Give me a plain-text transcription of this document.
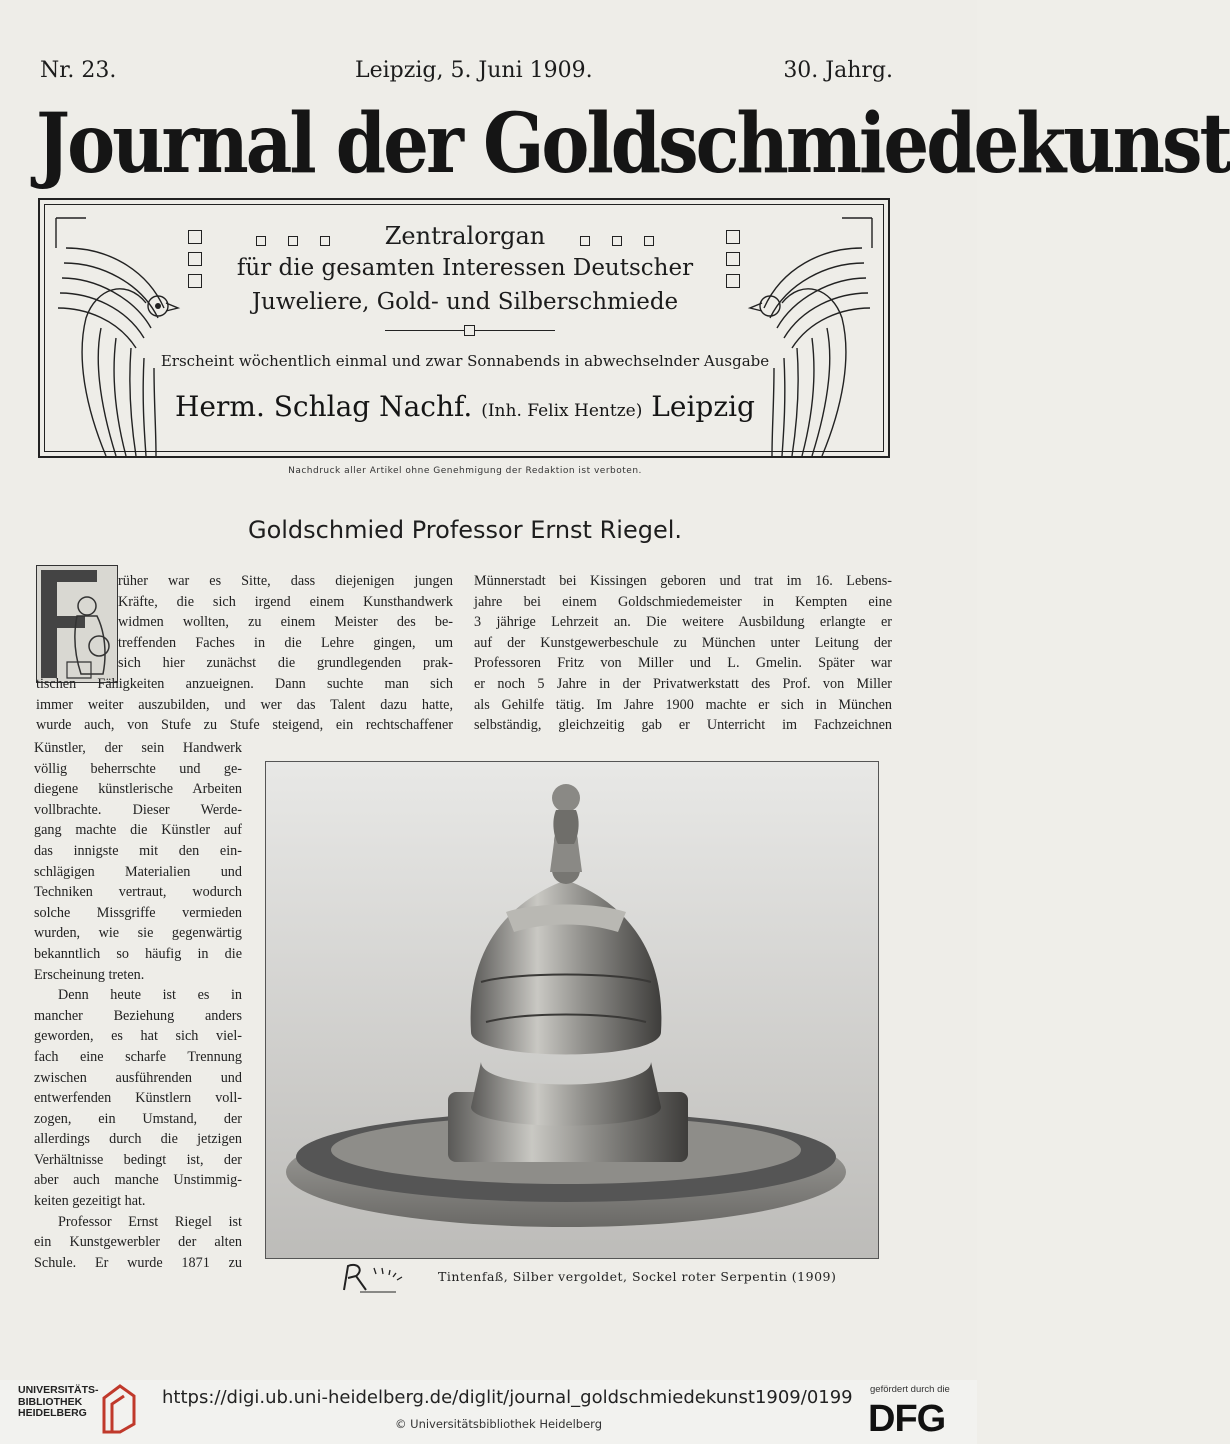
Nr. 23.	Leipzig, 5. Juni 1909.	30. Jahrg.
Journal der Goldschmiedekunst
Zentralorgan
für die gesamten Interessen Deutscher
Juweliere, Gold- und Silberschmiede
Erscheint wöchentlich einmal und zwar Sonnabends in abwechselnder Ausgabe
Herm. Schlag Nachf. (Inh. Felix Hentze) Leipzig
Nachdruck aller Artikel ohne Genehmigung der Redaktion ist verboten.
Goldschmied Professor Ernst Riegel.
rüher war es Sitte, dass diejenigen jungen
Kräfte, die sich irgend einem Kunsthandwerk
widmen wollten, zu einem Meister des be-
treffenden Faches in die Lehre gingen, um
sich hier zunächst die grundlegenden prak-
tischen Fähigkeiten anzueignen. Dann suchte man sich
immer weiter auszubilden, und wer das Talent dazu hatte,
wurde auch, von Stufe zu Stufe steigend, ein rechtschaffener
Künstler, der sein Handwerk
völlig beherrschte und ge-
diegene künstlerische Arbeiten
vollbrachte. Dieser Werde-
gang machte die Künstler auf
das innigste mit den ein-
schlägigen Materialien und
Techniken vertraut, wodurch
solche Missgriffe vermieden
wurden, wie sie gegenwärtig
bekanntlich so häufig in die
Erscheinung treten.
Denn heute ist es in
mancher Beziehung anders
geworden, es hat sich viel-
fach eine scharfe Trennung
zwischen ausführenden und
entwerfenden Künstlern voll-
zogen, ein Umstand, der
allerdings durch die jetzigen
Verhältnisse bedingt ist, der
aber auch manche Unstimmig-
keiten gezeitigt hat.
Professor Ernst Riegel ist
ein Kunstgewerbler der alten
Schule. Er wurde 1871 zu
Münnerstadt bei Kissingen geboren und trat im 16. Lebens-
jahre bei einem Goldschmiedemeister in Kempten eine
3 jährige Lehrzeit an. Die weitere Ausbildung erlangte er
auf der Kunstgewerbeschule zu München unter Leitung der
Professoren Fritz von Miller und L. Gmelin. Später war
er noch 5 Jahre in der Privatwerkstatt des Prof. von Miller
als Gehilfe tätig. Im Jahre 1900 machte er sich in München
selbständig, gleichzeitig gab er Unterricht im Fachzeichnen
Tintenfaß, Silber vergoldet, Sockel roter Serpentin (1909)
UNIVERSITÄTS-
BIBLIOTHEK
HEIDELBERG
https://digi.ub.uni-heidelberg.de/diglit/journal_goldschmiedekunst1909/0199
© Universitätsbibliothek Heidelberg
gefördert durch die
DFG
